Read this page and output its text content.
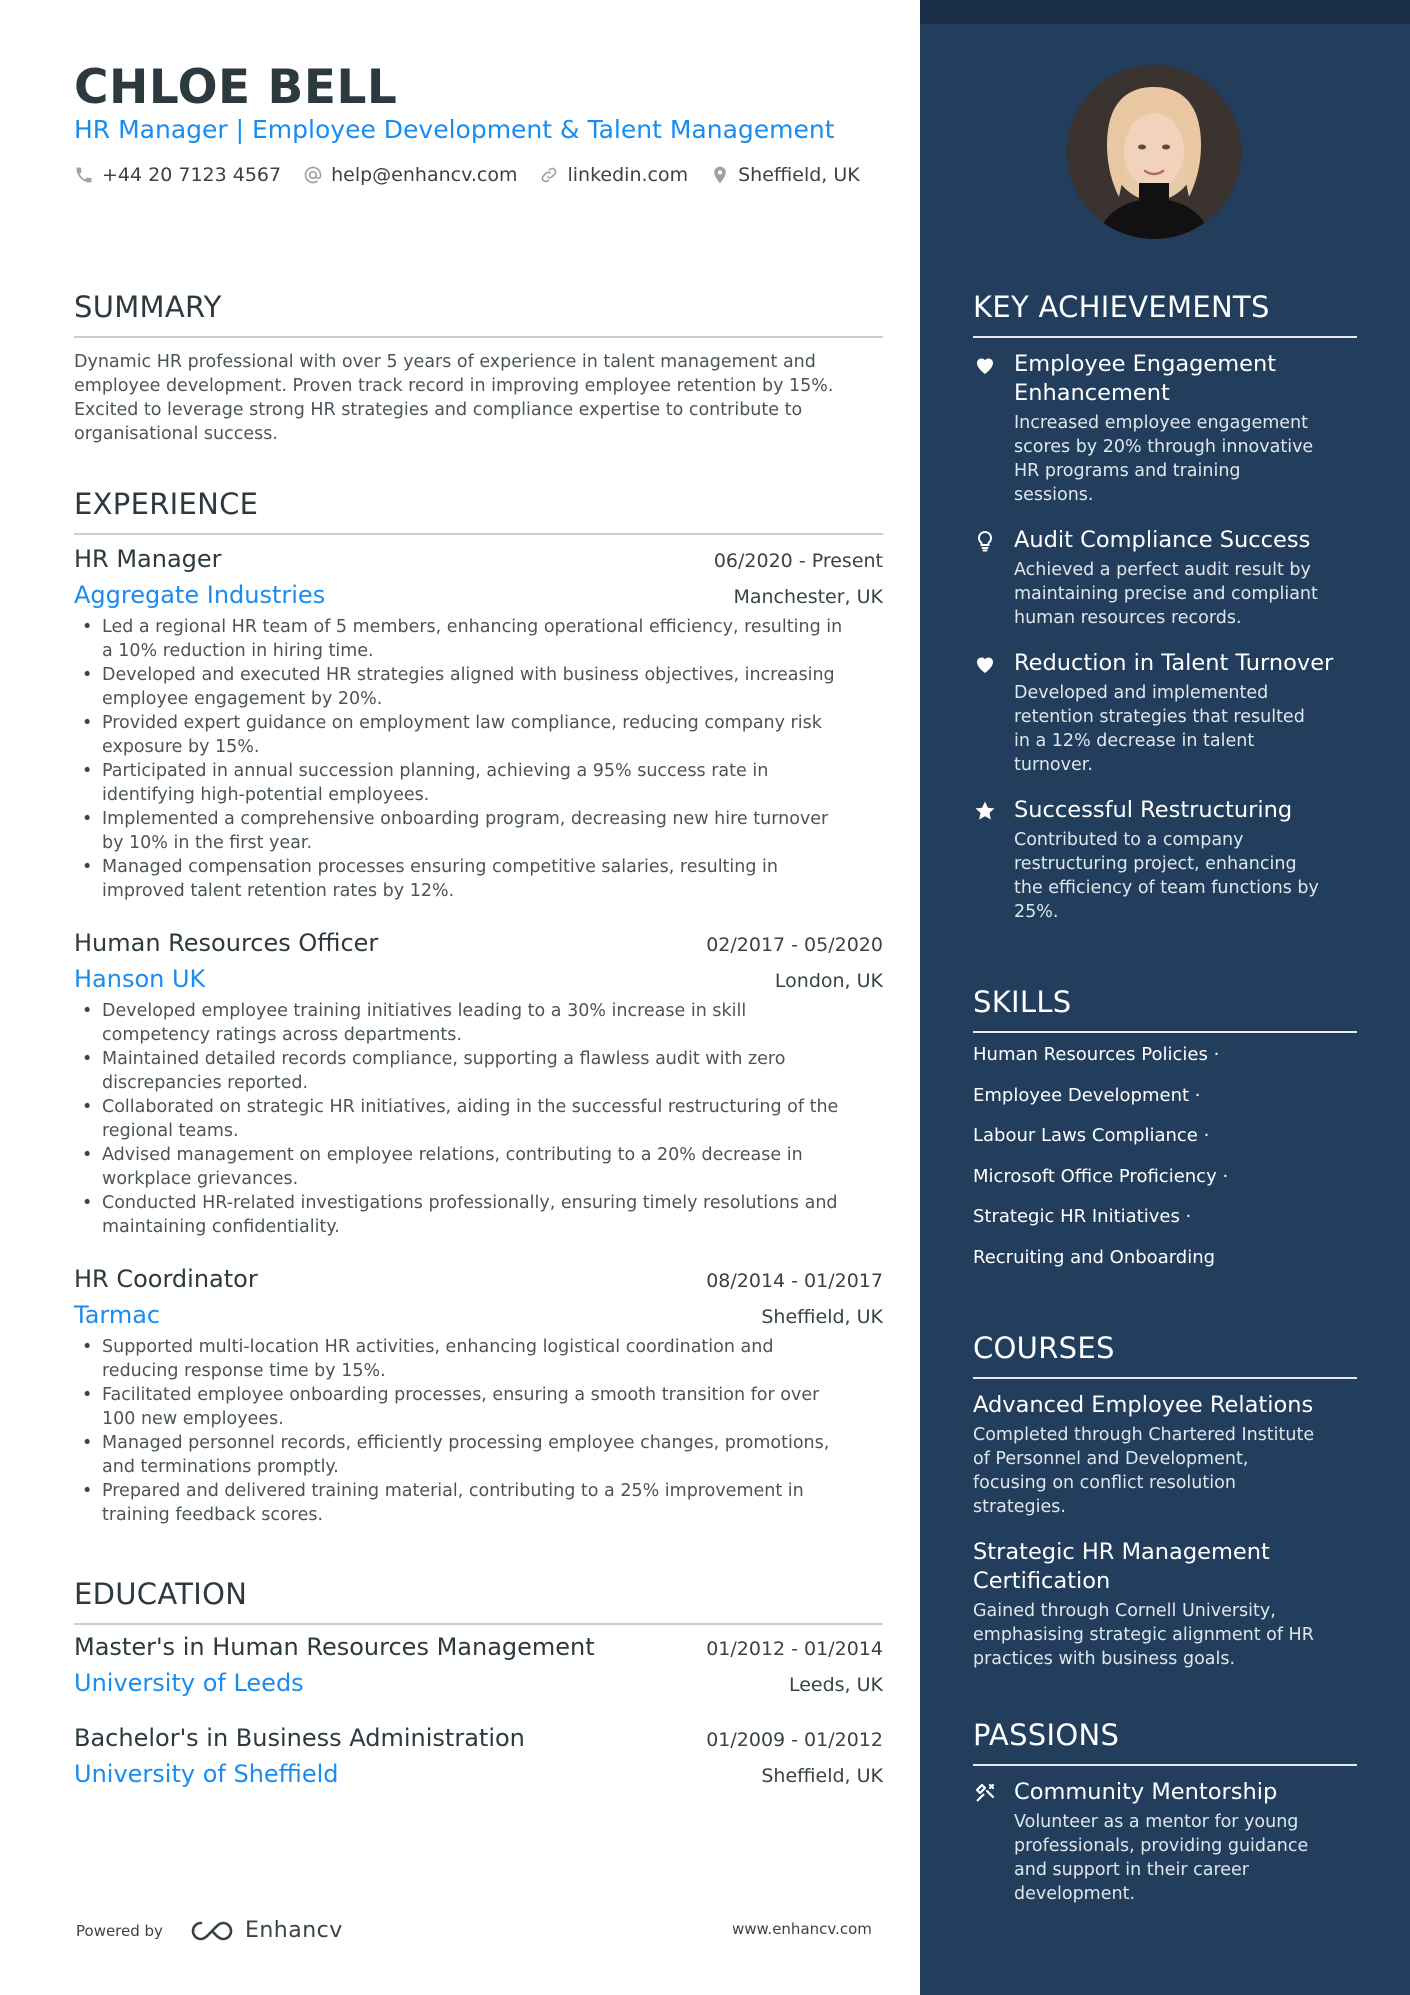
CHLOE BELL
HR Manager | Employee Development & Talent Management
+44 20 7123 4567	help@enhancv.com	linkedin.com	Sheffield, UK
SUMMARY
Dynamic HR professional with over 5 years of experience in talent management and
employee development. Proven track record in improving employee retention by 15%.
Excited to leverage strong HR strategies and compliance expertise to contribute to
organisational success.
EXPERIENCE
HR Manager	06/2020 - Present
Aggregate Industries	Manchester, UK
• Led a regional HR team of 5 members, enhancing operational efficiency, resulting in
a 10% reduction in hiring time.
• Developed and executed HR strategies aligned with business objectives, increasing
employee engagement by 20%.
• Provided expert guidance on employment law compliance, reducing company risk
exposure by 15%.
• Participated in annual succession planning, achieving a 95% success rate in
identifying high-potential employees.
• Implemented a comprehensive onboarding program, decreasing new hire turnover
by 10% in the first year.
• Managed compensation processes ensuring competitive salaries, resulting in
improved talent retention rates by 12%.
Human Resources Officer	02/2017 - 05/2020
Hanson UK	London, UK
• Developed employee training initiatives leading to a 30% increase in skill
competency ratings across departments.
• Maintained detailed records compliance, supporting a flawless audit with zero
discrepancies reported.
• Collaborated on strategic HR initiatives, aiding in the successful restructuring of the
regional teams.
• Advised management on employee relations, contributing to a 20% decrease in
workplace grievances.
• Conducted HR-related investigations professionally, ensuring timely resolutions and
maintaining confidentiality.
HR Coordinator	08/2014 - 01/2017
Tarmac	Sheffield, UK
• Supported multi-location HR activities, enhancing logistical coordination and
reducing response time by 15%.
• Facilitated employee onboarding processes, ensuring a smooth transition for over
100 new employees.
• Managed personnel records, efficiently processing employee changes, promotions,
and terminations promptly.
• Prepared and delivered training material, contributing to a 25% improvement in
training feedback scores.
EDUCATION
Master's in Human Resources Management	01/2012 - 01/2014
University of Leeds	Leeds, UK
Bachelor's in Business Administration	01/2009 - 01/2012
University of Sheffield	Sheffield, UK
Powered by	Enhancv	www.enhancv.com
KEY ACHIEVEMENTS
Employee Engagement
Enhancement
Increased employee engagement
scores by 20% through innovative
HR programs and training
sessions.
Audit Compliance Success
Achieved a perfect audit result by
maintaining precise and compliant
human resources records.
Reduction in Talent Turnover
Developed and implemented
retention strategies that resulted
in a 12% decrease in talent
turnover.
Successful Restructuring
Contributed to a company
restructuring project, enhancing
the efficiency of team functions by
25%.
SKILLS
Human Resources Policies ·
Employee Development ·
Labour Laws Compliance ·
Microsoft Office Proficiency ·
Strategic HR Initiatives ·
Recruiting and Onboarding
COURSES
Advanced Employee Relations
Completed through Chartered Institute
of Personnel and Development,
focusing on conflict resolution
strategies.
Strategic HR Management
Certification
Gained through Cornell University,
emphasising strategic alignment of HR
practices with business goals.
PASSIONS
Community Mentorship
Volunteer as a mentor for young
professionals, providing guidance
and support in their career
development.
